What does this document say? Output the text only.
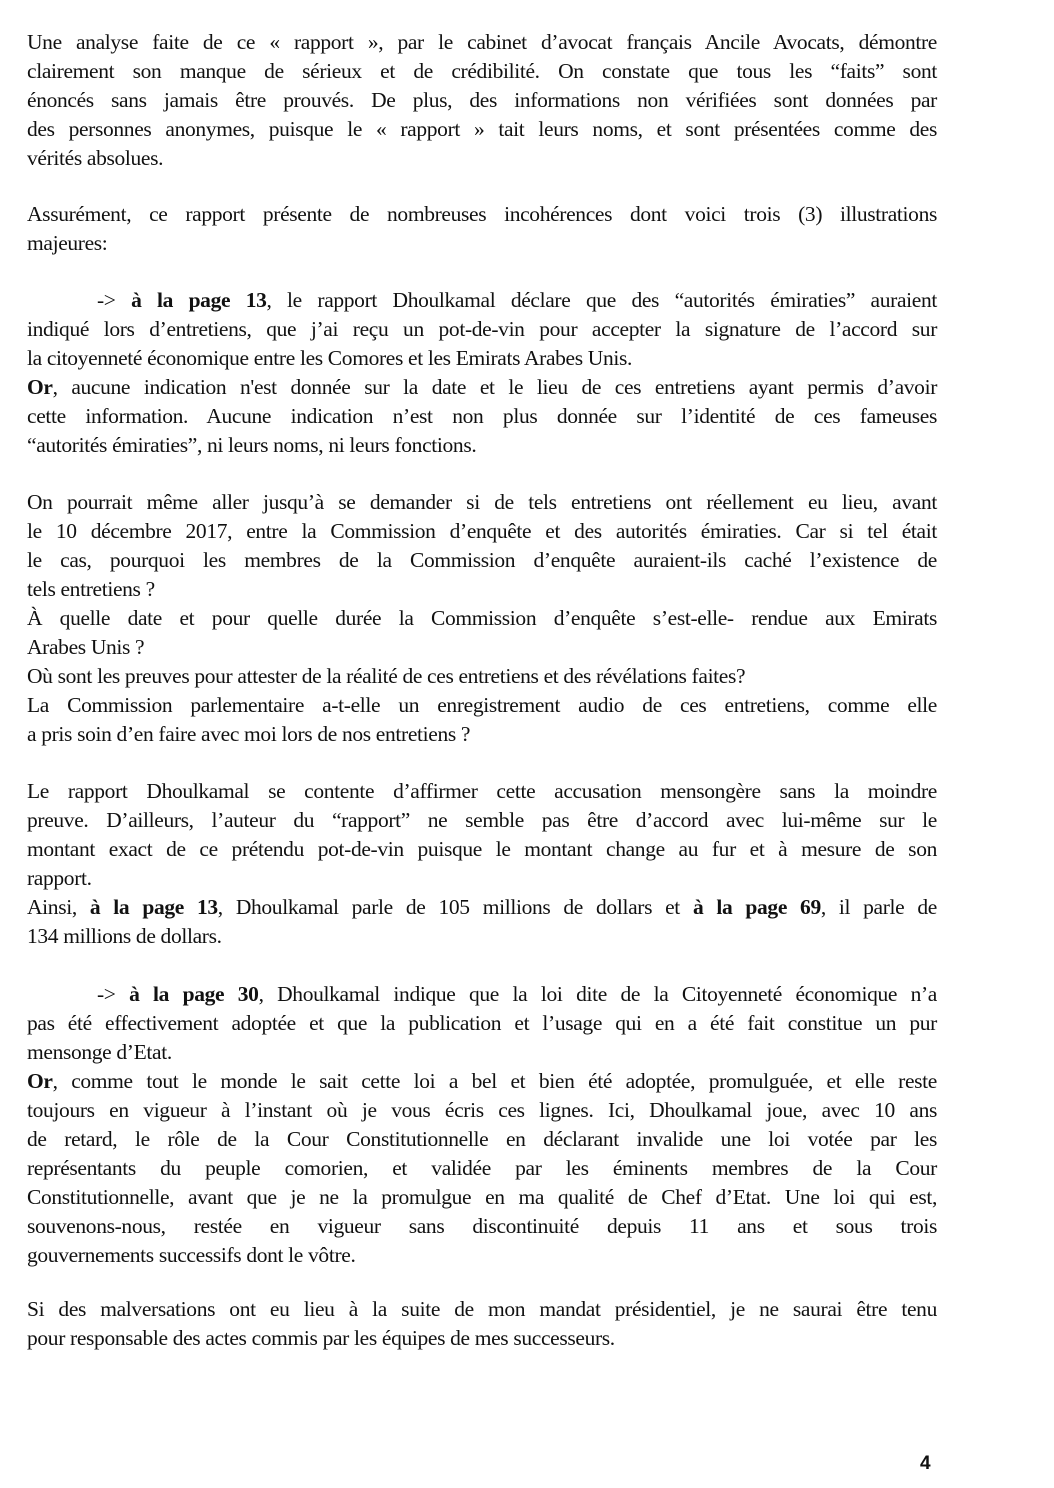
Une analyse faite de ce « rapport », par le cabinet d’avocat français Ancile Avocats, démontre
clairement son manque de sérieux et de crédibilité. On constate que tous les “faits” sont
énoncés sans jamais être prouvés. De plus, des informations non vérifiées sont données par
des personnes anonymes, puisque le « rapport » tait leurs noms, et sont présentées comme des
vérités absolues.
Assurément, ce rapport présente de nombreuses incohérences dont voici trois (3) illustrations
majeures:
-> à la page 13, le rapport Dhoulkamal déclare que des “autorités émiraties” auraient
indiqué lors d’entretiens, que j’ai reçu un pot-de-vin pour accepter la signature de l’accord sur
la citoyenneté économique entre les Comores et les Emirats Arabes Unis.
Or, aucune indication n'est donnée sur la date et le lieu de ces entretiens ayant permis d’avoir
cette information. Aucune indication n’est non plus donnée sur l’identité de ces fameuses
“autorités émiraties”, ni leurs noms, ni leurs fonctions.
On pourrait même aller jusqu’à se demander si de tels entretiens ont réellement eu lieu, avant
le 10 décembre 2017, entre la Commission d’enquête et des autorités émiraties. Car si tel était
le cas, pourquoi les membres de la Commission d’enquête auraient-ils caché l’existence de
tels entretiens ?
À quelle date et pour quelle durée la Commission d’enquête s’est-elle- rendue aux Emirats
Arabes Unis ?
Où sont les preuves pour attester de la réalité de ces entretiens et des révélations faites?
La Commission parlementaire a-t-elle un enregistrement audio de ces entretiens, comme elle
a pris soin d’en faire avec moi lors de nos entretiens ?
Le rapport Dhoulkamal se contente d’affirmer cette accusation mensongère sans la moindre
preuve. D’ailleurs, l’auteur du “rapport” ne semble pas être d’accord avec lui-même sur le
montant exact de ce prétendu pot-de-vin puisque le montant change au fur et à mesure de son
rapport.
Ainsi, à la page 13, Dhoulkamal parle de 105 millions de dollars et à la page 69, il parle de
134 millions de dollars.
-> à la page 30, Dhoulkamal indique que la loi dite de la Citoyenneté économique n’a
pas été effectivement adoptée et que la publication et l’usage qui en a été fait constitue un pur
mensonge d’Etat.
Or, comme tout le monde le sait cette loi a bel et bien été adoptée, promulguée, et elle reste
toujours en vigueur à l’instant où je vous écris ces lignes. Ici, Dhoulkamal joue, avec 10 ans
de retard, le rôle de la Cour Constitutionnelle en déclarant invalide une loi votée par les
représentants du peuple comorien, et validée par les éminents membres de la Cour
Constitutionnelle, avant que je ne la promulgue en ma qualité de Chef d’Etat. Une loi qui est,
souvenons-nous, restée en vigueur sans discontinuité depuis 11 ans et sous trois
gouvernements successifs dont le vôtre.
Si des malversations ont eu lieu à la suite de mon mandat présidentiel, je ne saurai être tenu
pour responsable des actes commis par les équipes de mes successeurs.
4
